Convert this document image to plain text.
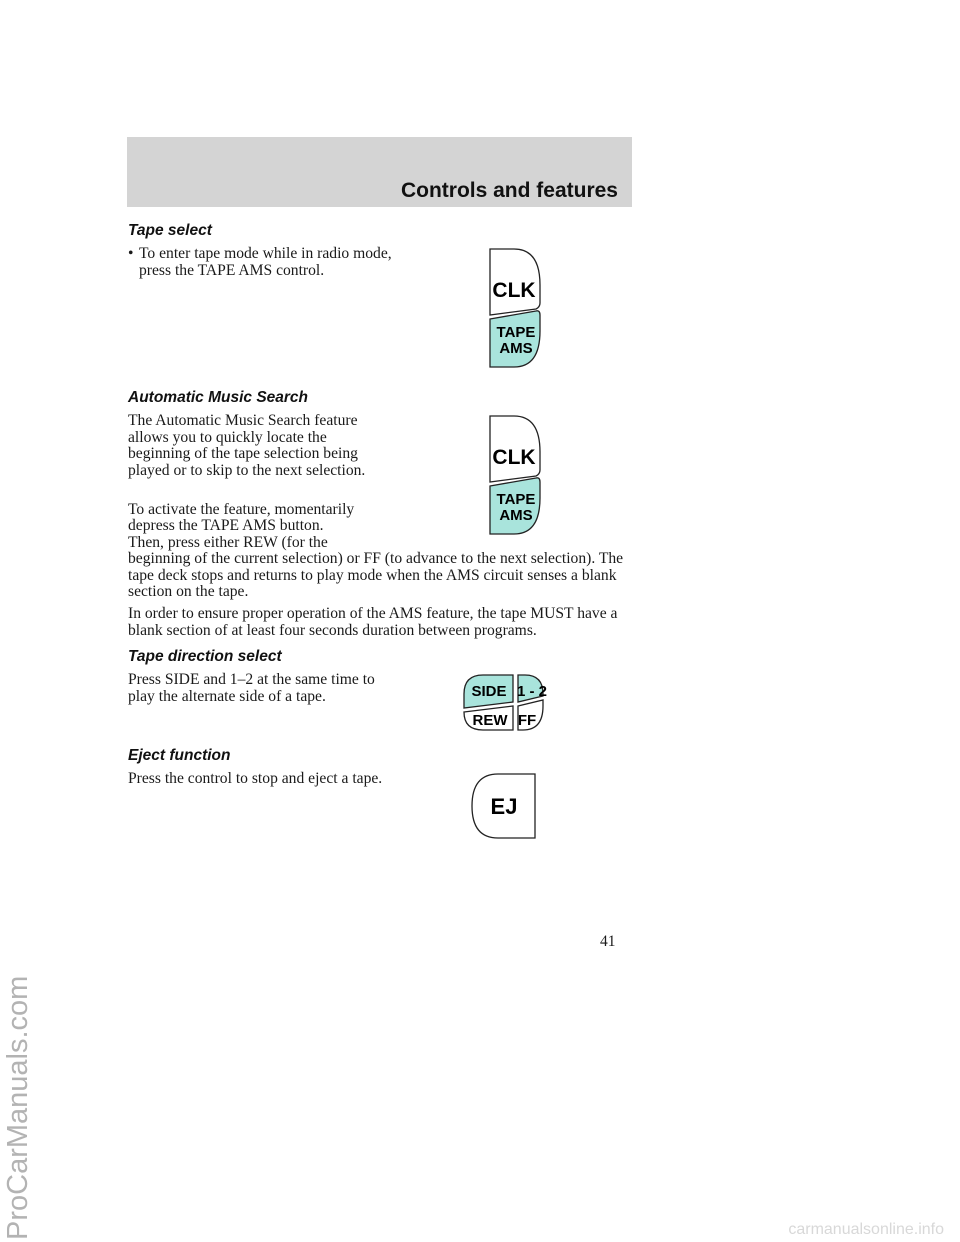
Controls and features
Tape select
• To enter tape mode while in radio mode, press the TAPE AMS control.
CLK
TAPE
AMS
Automatic Music Search
The Automatic Music Search feature allows you to quickly locate the beginning of the tape selection being played or to skip to the next selection.
To activate the feature, momentarily
depress the TAPE AMS button.
Then, press either REW (for the
beginning of the current selection) or FF (to advance to the next selection). The tape deck stops and returns to play mode when the AMS circuit senses a blank section on the tape.
In order to ensure proper operation of the AMS feature, the tape MUST have a blank section of at least four seconds duration between programs.
CLK
TAPE
AMS
Tape direction select
Press SIDE and 1–2 at the same time to play the alternate side of a tape.	SIDE
REW
1 - 2
FF
Eject function
Press the control to stop and eject a tape.
EJ
41
ProCarManuals.com	carmanualsonline.info
